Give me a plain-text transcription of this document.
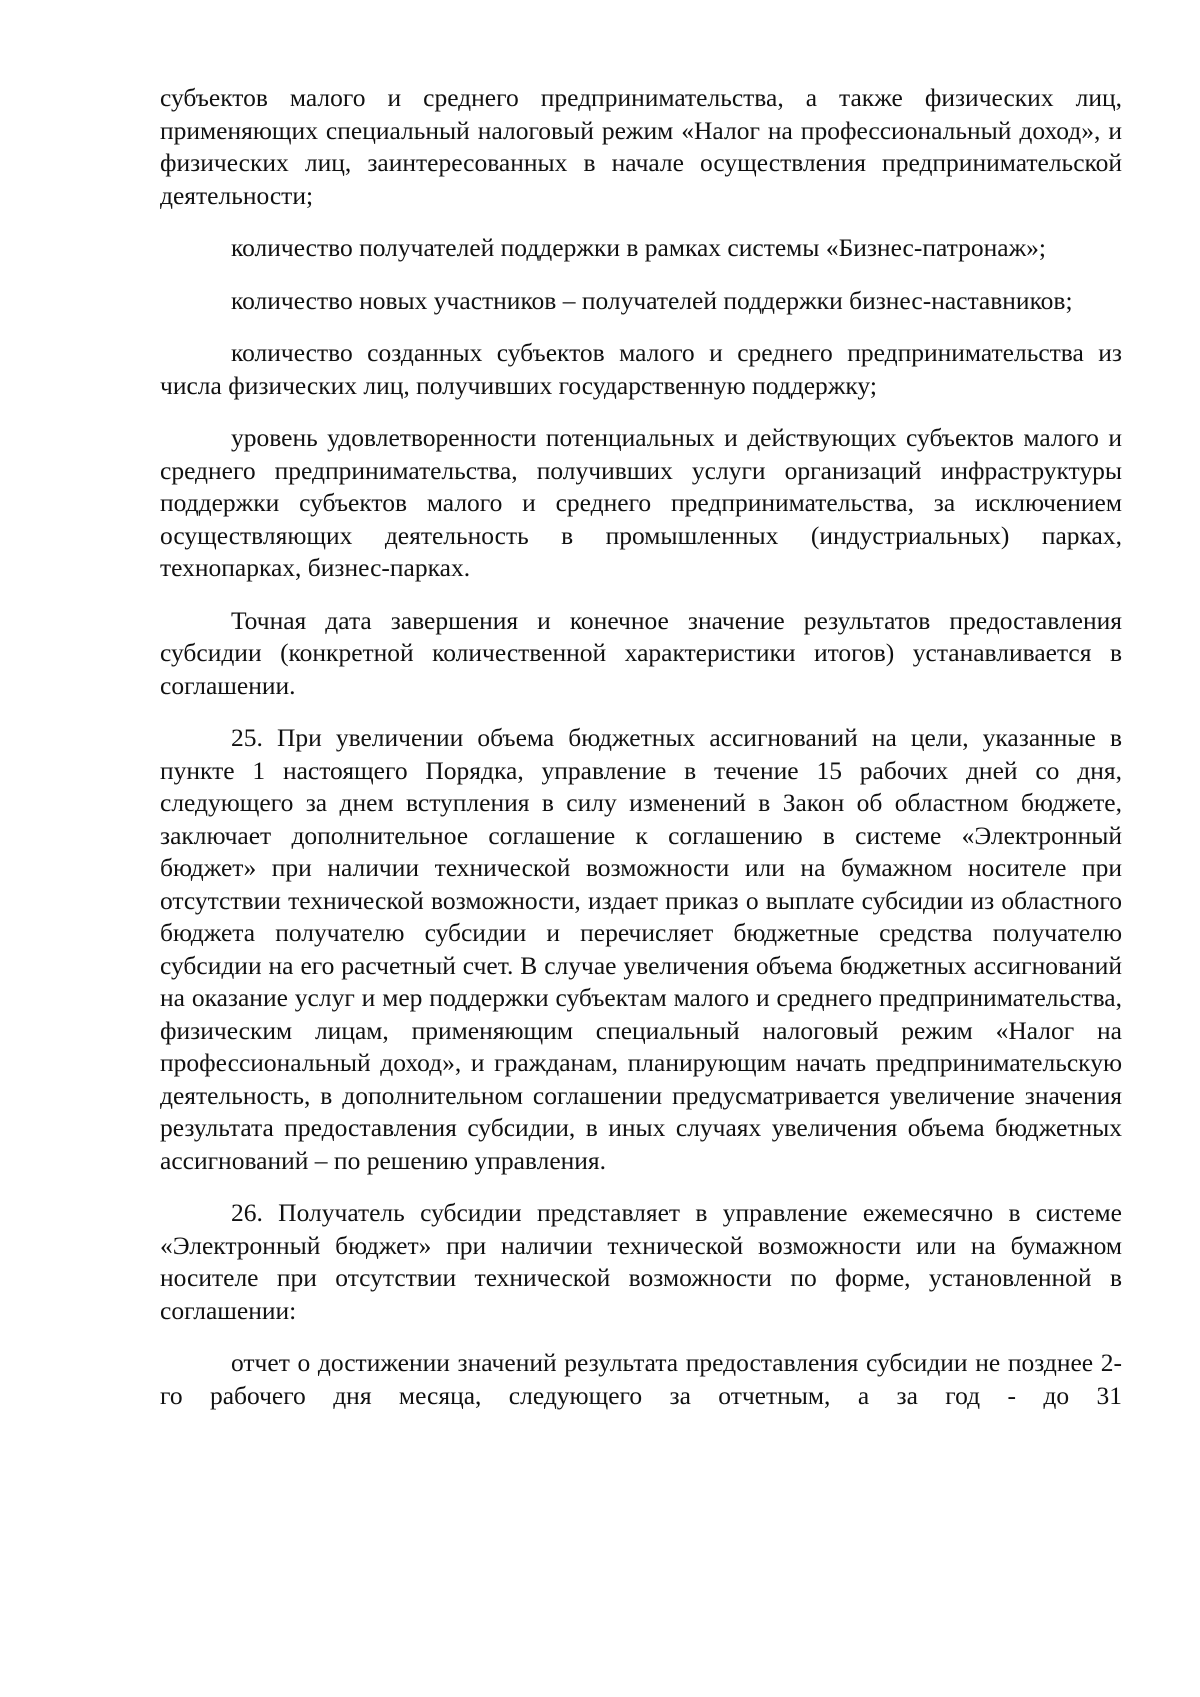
субъектов малого и среднего предпринимательства, а также физических лиц, применяющих специальный налоговый режим «Налог на профессиональный доход», и физических лиц, заинтересованных в начале осуществления предпринимательской деятельности;

количество получателей поддержки в рамках системы «Бизнес-патронаж»;

количество новых участников – получателей поддержки бизнес-наставников;

количество созданных субъектов малого и среднего предпринимательства из числа физических лиц, получивших государственную поддержку;

уровень удовлетворенности потенциальных и действующих субъектов малого и среднего предпринимательства, получивших услуги организаций инфраструктуры поддержки субъектов малого и среднего предпринимательства, за исключением осуществляющих деятельность в промышленных (индустриальных) парках, технопарках, бизнес-парках.

Точная дата завершения и конечное значение результатов предоставления субсидии (конкретной количественной характеристики итогов) устанавливается в соглашении.

25. При увеличении объема бюджетных ассигнований на цели, указанные в пункте 1 настоящего Порядка, управление в течение 15 рабочих дней со дня, следующего за днем вступления в силу изменений в Закон об областном бюджете, заключает дополнительное соглашение к соглашению в системе «Электронный бюджет» при наличии технической возможности или на бумажном носителе при отсутствии технической возможности, издает приказ о выплате субсидии из областного бюджета получателю субсидии и перечисляет бюджетные средства получателю субсидии на его расчетный счет. В случае увеличения объема бюджетных ассигнований на оказание услуг и мер поддержки субъектам малого и среднего предпринимательства, физическим лицам, применяющим специальный налоговый режим «Налог на профессиональный доход», и гражданам, планирующим начать предпринимательскую деятельность, в дополнительном соглашении предусматривается увеличение значения результата предоставления субсидии, в иных случаях увеличения объема бюджетных ассигнований – по решению управления.

26. Получатель субсидии представляет в управление ежемесячно в системе «Электронный бюджет» при наличии технической возможности или на бумажном носителе при отсутствии технической возможности по форме, установленной в соглашении:

отчет о достижении значений результата предоставления субсидии не позднее 2-го рабочего дня месяца, следующего за отчетным, а за год - до 31
